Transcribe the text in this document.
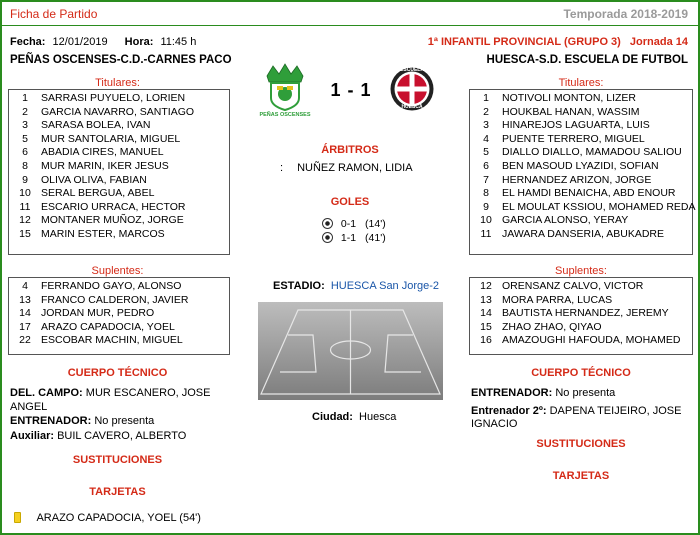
Ficha de Partido	Temporada 2018-2019
Fecha: 12/01/2019 Hora: 11:45 h	1ª INFANTIL PROVINCIAL (GRUPO 3) Jornada 14
PEÑAS OSCENSES-C.D.-CARNES PACO	HUESCA-S.D. ESCUELA DE FUTBOL
PEÑAS OSCENSES
1 - 1
ESCUELA
HUESCA
Titulares:
1	SARRASI PUYUELO, LORIEN
2	GARCIA NAVARRO, SANTIAGO
3	SARASA BOLEA, IVAN
5	MUR SANTOLARIA, MIGUEL
6	ABADIA CIRES, MANUEL
8	MUR MARIN, IKER JESUS
9	OLIVA OLIVA, FABIAN
10 SERAL BERGUA, ABEL
11	ESCARIO URRACA, HECTOR
12 MONTANER MUÑOZ, JORGE
15 MARIN ESTER, MARCOS
Titulares:
1	NOTIVOLI MONTON, LIZER
2	HOUKBAL HANAN, WASSIM
3	HINAREJOS LAGUARTA, LUIS
4	PUENTE TERRERO, MIGUEL
5	DIALLO DIALLO, MAMADOU SALIOU
6	BEN MASOUD LYAZIDI, SOFIAN
7	HERNANDEZ ARIZON, JORGE
8	EL HAMDI BENAICHA, ABD ENOUR
9	EL MOULAT KSSIOU, MOHAMED REDA
10 GARCIA ALONSO, YERAY
11	JAWARA DANSERIA, ABUKADRE
Suplentes:
4	FERRANDO GAYO, ALONSO
13 FRANCO CALDERON, JAVIER
14 JORDAN MUR, PEDRO
17 ARAZO CAPADOCIA, YOEL
22 ESCOBAR MACHIN, MIGUEL
Suplentes:
12 ORENSANZ CALVO, VICTOR
13 MORA PARRA, LUCAS
14 BAUTISTA HERNANDEZ, JEREMY
15 ZHAO ZHAO, QIYAO
16 AMAZOUGHI HAFOUDA, MOHAMED
ÁRBITROS
: NUÑEZ RAMON, LIDIA
GOLES
0-1 (14')
1-1 (41')
ESTADIO: HUESCA San Jorge-2
Ciudad: Huesca
CUERPO TÉCNICO
DEL. CAMPO: MUR ESCANERO, JOSE ANGEL
ENTRENADOR: No presenta
Auxiliar: BUIL CAVERO, ALBERTO
SUSTITUCIONES
TARJETAS
ARAZO CAPADOCIA, YOEL (54')
CUERPO TÉCNICO
ENTRENADOR: No presenta
Entrenador 2º: DAPENA TEIJEIRO, JOSE IGNACIO
SUSTITUCIONES
TARJETAS
